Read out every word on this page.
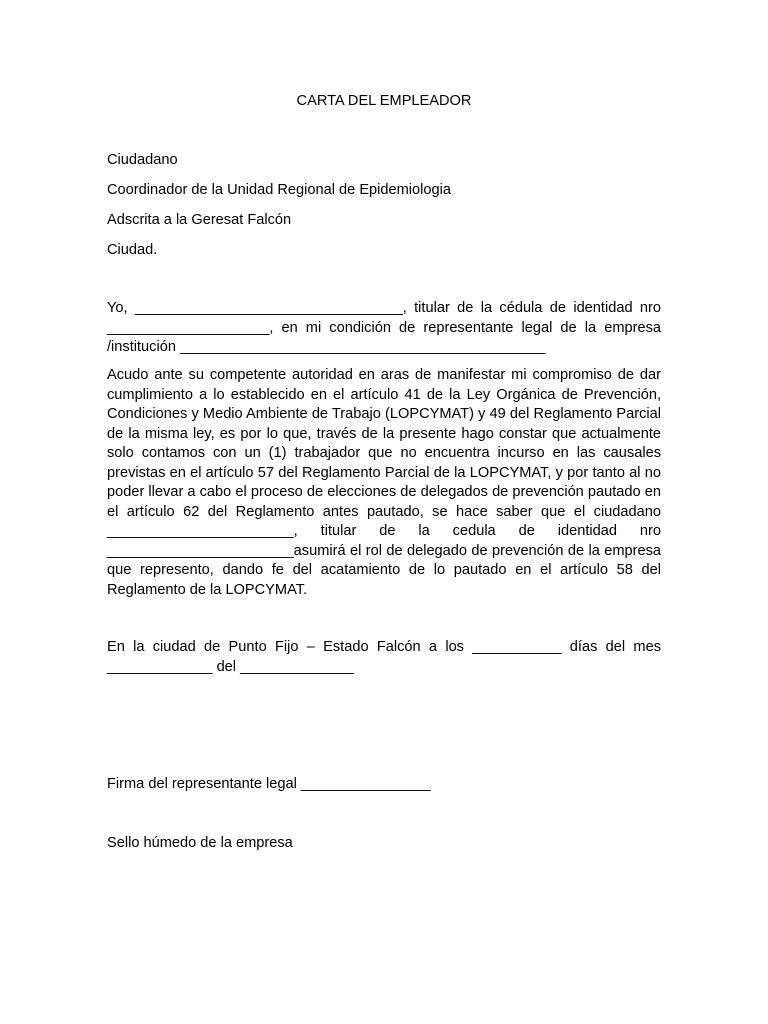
CARTA DEL EMPLEADOR
Ciudadano
Coordinador de la Unidad Regional de Epidemiologia
Adscrita a la Geresat Falcón
Ciudad.
Yo, _________________________________, titular de la cédula de identidad nro ____________________, en mi condición de representante legal de la empresa /institución _____________________________________________
Acudo ante su competente autoridad en aras de manifestar mi compromiso de dar cumplimiento a lo establecido en el artículo 41 de la Ley Orgánica de Prevención, Condiciones y Medio Ambiente de Trabajo (LOPCYMAT) y 49 del Reglamento Parcial de la misma ley, es por lo que, través de la presente hago constar que actualmente solo contamos con un (1) trabajador que no encuentra incurso en las causales previstas en el artículo 57 del Reglamento Parcial de la LOPCYMAT, y por tanto al no poder llevar a cabo el proceso de elecciones de delegados de prevención pautado en el artículo 62 del Reglamento antes pautado, se hace saber que el ciudadano _______________________, titular de la cedula de identidad nro _______________________asumirá el rol de delegado de prevención de la empresa que represento, dando fe del acatamiento de lo pautado en el artículo 58 del Reglamento de la LOPCYMAT.
En la ciudad de Punto Fijo – Estado Falcón a los ___________ días del mes _____________ del ______________
Firma del representante legal ________________
Sello húmedo de la empresa
